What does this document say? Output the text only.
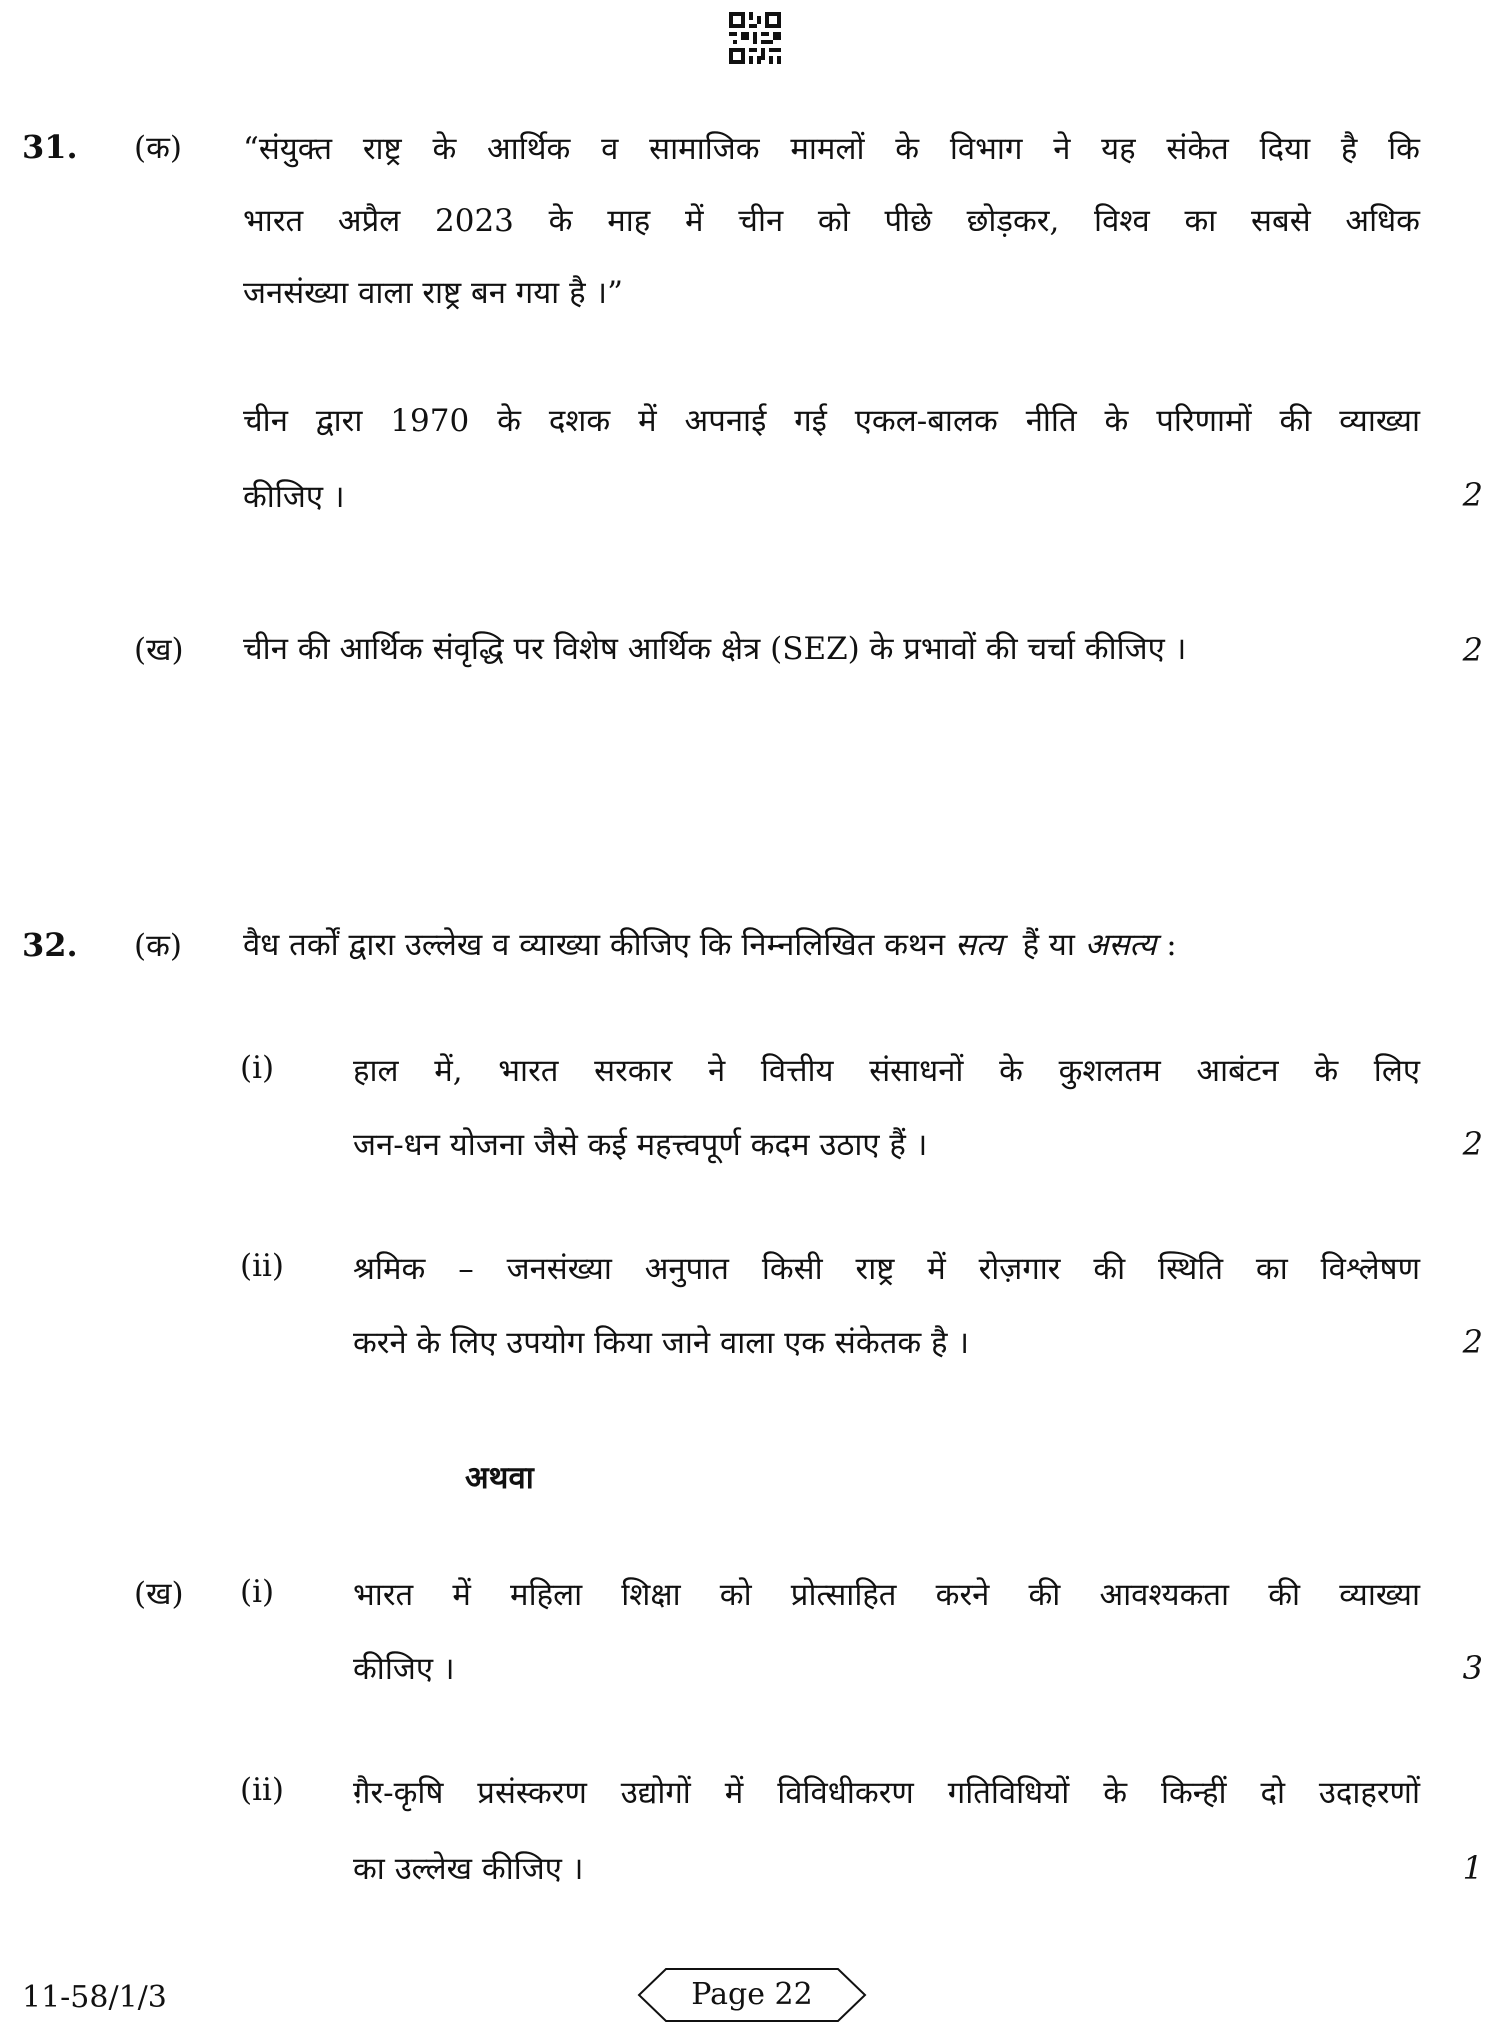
31. (क) “संयुक्त राष्ट्र के आर्थिक व सामाजिक मामलों के विभाग ने यह संकेत दिया है कि
भारत अप्रैल 2023 के माह में चीन को पीछे छोड़कर, विश्व का सबसे अधिक
जनसंख्या वाला राष्ट्र बन गया है ।”
चीन द्वारा 1970 के दशक में अपनाई गई एकल-बालक नीति के परिणामों की व्याख्या
कीजिए ।	2
(ख) चीन की आर्थिक संवृद्धि पर विशेष आर्थिक क्षेत्र (SEZ) के प्रभावों की चर्चा कीजिए ।	2
32. (क) वैध तर्कों द्वारा उल्लेख व व्याख्या कीजिए कि निम्नलिखित कथन सत्य हैं या असत्य :
(i)	हाल में, भारत सरकार ने वित्तीय संसाधनों के कुशलतम आबंटन के लिए
जन-धन योजना जैसे कई महत्त्वपूर्ण कदम उठाए हैं ।	2
(ii) श्रमिक – जनसंख्या अनुपात किसी राष्ट्र में रोज़गार की स्थिति का विश्लेषण
करने के लिए उपयोग किया जाने वाला एक संकेतक है ।	2
अथवा
(ख) (i)	भारत में महिला शिक्षा को प्रोत्साहित करने की आवश्यकता की व्याख्या
कीजिए ।	3
(ii) ग़ैर-कृषि प्रसंस्करण उद्योगों में विविधीकरण गतिविधियों के किन्हीं दो उदाहरणों
का उल्लेख कीजिए ।	1
11-58/1/3	Page 22
